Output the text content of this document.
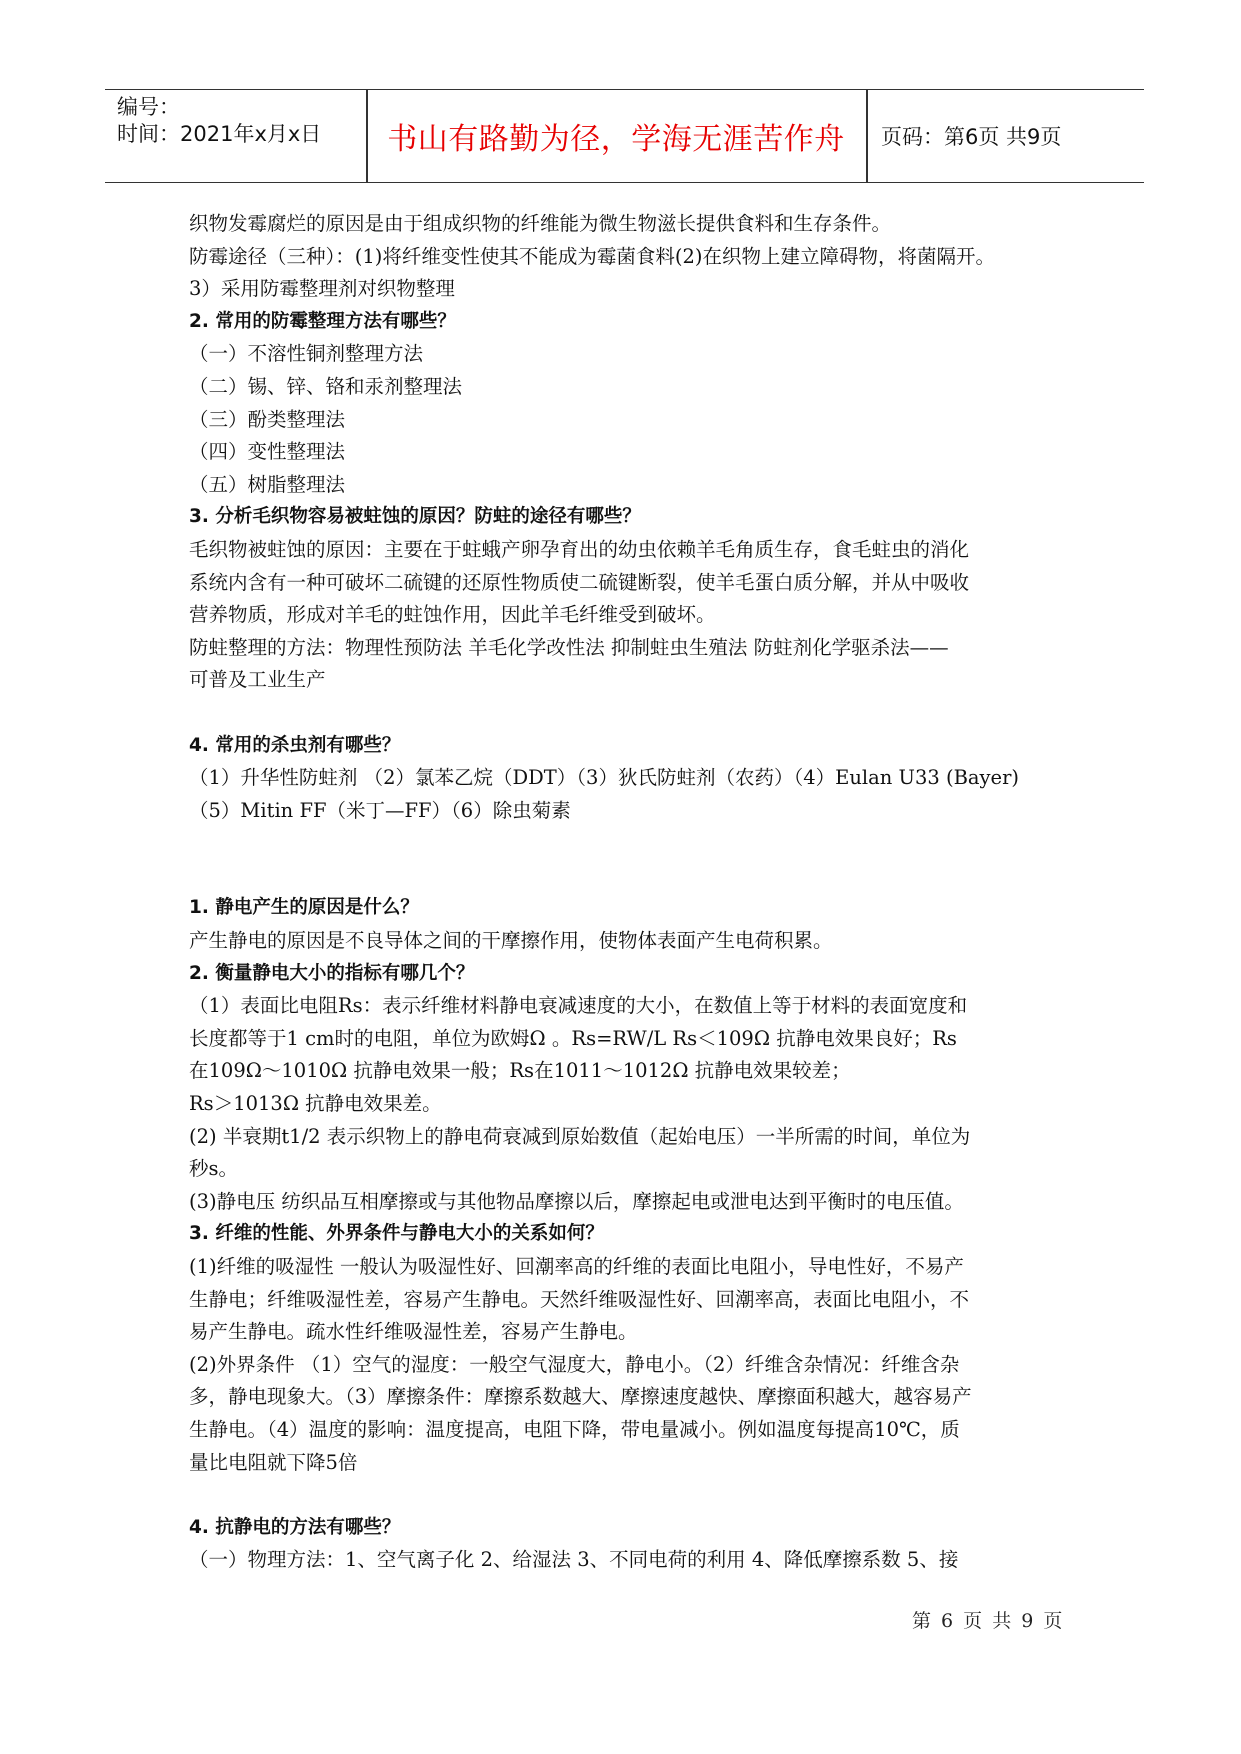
编号：
时间：2021年x月x日	书山有路勤为径，学海无涯苦作舟	页码：第6页 共9页

织物发霉腐烂的原因是由于组成织物的纤维能为微生物滋长提供食料和生存条件。

防霉途径（三种）：(1)将纤维变性使其不能成为霉菌食料(2)在织物上建立障碍物，将菌隔开。

3）采用防霉整理剂对织物整理

2. 常用的防霉整理方法有哪些？

（一）不溶性铜剂整理方法

（二）锡、锌、铬和汞剂整理法

（三）酚类整理法

（四）变性整理法

（五）树脂整理法

3. 分析毛织物容易被蛀蚀的原因？防蛀的途径有哪些？

毛织物被蛀蚀的原因：主要在于蛀蛾产卵孕育出的幼虫依赖羊毛角质生存，食毛蛀虫的消化

系统内含有一种可破坏二硫键的还原性物质使二硫键断裂，使羊毛蛋白质分解，并从中吸收

营养物质，形成对羊毛的蛀蚀作用，因此羊毛纤维受到破坏。

防蛀整理的方法：物理性预防法 羊毛化学改性法 抑制蛀虫生殖法 防蛀剂化学驱杀法——

可普及工业生产

4. 常用的杀虫剂有哪些？

（1）升华性防蛀剂 （2）氯苯乙烷（DDT）（3）狄氏防蛀剂（农药）（4）Eulan U33 (Bayer)

（5）Mitin FF（米丁—FF）（6）除虫菊素

1. 静电产生的原因是什么？

产生静电的原因是不良导体之间的干摩擦作用，使物体表面产生电荷积累。

2. 衡量静电大小的指标有哪几个？

（1）表面比电阻Rs：表示纤维材料静电衰减速度的大小，在数值上等于材料的表面宽度和

长度都等于1 cm时的电阻，单位为欧姆Ω 。Rs=RW/L Rs＜109Ω 抗静电效果良好；Rs

在109Ω～1010Ω 抗静电效果一般；Rs在1011～1012Ω 抗静电效果较差；

Rs＞1013Ω 抗静电效果差。

(2) 半衰期t1/2 表示织物上的静电荷衰减到原始数值（起始电压）一半所需的时间，单位为

秒s。

(3)静电压 纺织品互相摩擦或与其他物品摩擦以后，摩擦起电或泄电达到平衡时的电压值。

3. 纤维的性能、外界条件与静电大小的关系如何？

(1)纤维的吸湿性 一般认为吸湿性好、回潮率高的纤维的表面比电阻小，导电性好，不易产

生静电；纤维吸湿性差，容易产生静电。天然纤维吸湿性好、回潮率高，表面比电阻小，不

易产生静电。疏水性纤维吸湿性差，容易产生静电。

(2)外界条件 （1）空气的湿度：一般空气湿度大，静电小。（2）纤维含杂情况：纤维含杂

多，静电现象大。（3）摩擦条件：摩擦系数越大、摩擦速度越快、摩擦面积越大，越容易产

生静电。（4）温度的影响：温度提高，电阻下降，带电量减小。例如温度每提高10℃，质

量比电阻就下降5倍

4. 抗静电的方法有哪些？

（一）物理方法：1、空气离子化 2、给湿法 3、不同电荷的利用 4、降低摩擦系数 5、接

第 6 页 共 9 页
